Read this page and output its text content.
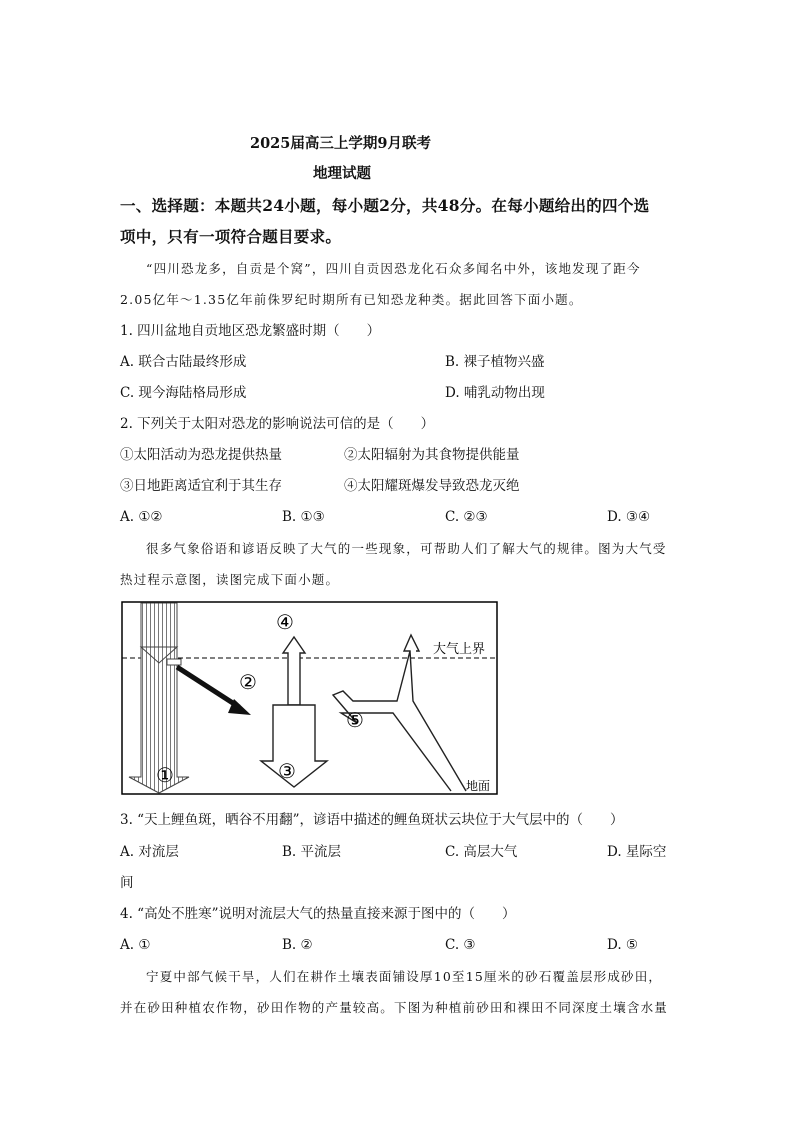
2025届高三上学期9月联考
地理试题
一、选择题：本题共24小题，每小题2分，共48分。在每小题给出的四个选
项中，只有一项符合题目要求。
“四川恐龙多，自贡是个窝”，四川自贡因恐龙化石众多闻名中外，该地发现了距今
2.05亿年～1.35亿年前侏罗纪时期所有已知恐龙种类。据此回答下面小题。
1. 四川盆地自贡地区恐龙繁盛时期（　　）
A. 联合古陆最终形成	B. 裸子植物兴盛
C. 现今海陆格局形成	D. 哺乳动物出现
2. 下列关于太阳对恐龙的影响说法可信的是（　　）
①太阳活动为恐龙提供热量	②太阳辐射为其食物提供能量
③日地距离适宜利于其生存	④太阳耀斑爆发导致恐龙灭绝
A. ①②	B. ①③	C. ②③	D. ③④
很多气象俗语和谚语反映了大气的一些现象，可帮助人们了解大气的规律。图为大气受
热过程示意图，读图完成下面小题。
④
②
③
⑤
①
大气上界
地面
3. “天上鲤鱼斑，晒谷不用翻”，谚语中描述的鲤鱼斑状云块位于大气层中的（　　）
A. 对流层	B. 平流层	C. 高层大气	D. 星际空
间
4. “高处不胜寒”说明对流层大气的热量直接来源于图中的（　　）
A. ①	B. ②	C. ③	D. ⑤
宁夏中部气候干旱，人们在耕作土壤表面铺设厚10至15厘米的砂石覆盖层形成砂田，
并在砂田种植农作物，砂田作物的产量较高。下图为种植前砂田和裸田不同深度土壤含水量
